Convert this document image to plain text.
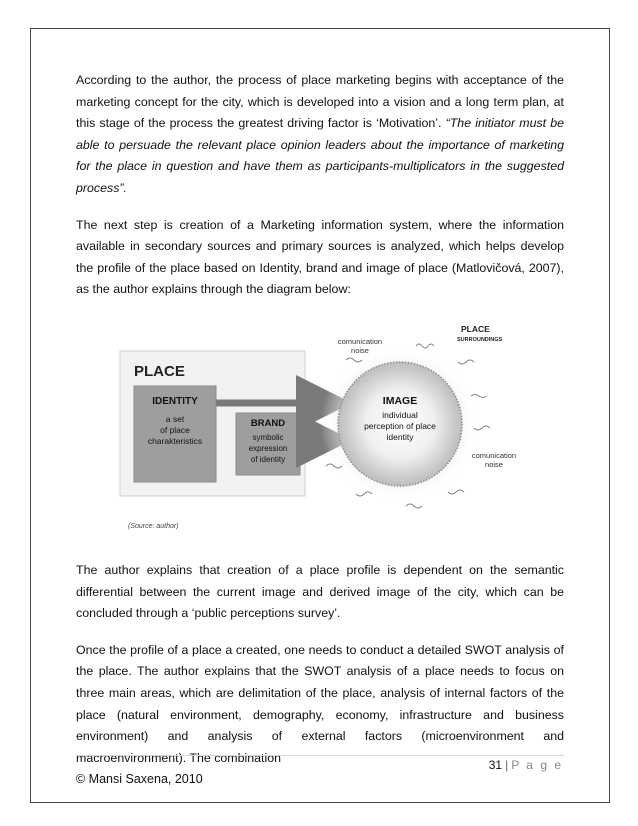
According to the author, the process of place marketing begins with acceptance of the marketing concept for the city, which is developed into a vision and a long term plan, at this stage of the process the greatest driving factor is ‘Motivation’. “The initiator must be able to persuade the relevant place opinion leaders about the importance of marketing for the place in question and have them as participants-multiplicators in the suggested process”.

The next step is creation of a Marketing information system, where the information available in secondary sources and primary sources is analyzed, which helps develop the profile of the place based on Identity, brand and image of place (Matlovičová, 2007), as the author explains through the diagram below:

PLACE
IDENTITY
a set
of place
charakteristics
BRAND
symbolic
expression
of identity
IMAGE
individual
perception of place
identity
PLACE
SURROUNDINGS
comunication
noise
comunication
noise
(Source: author)

The author explains that creation of a place profile is dependent on the semantic differential between the current image and derived image of the city, which can be concluded through a ‘public perceptions survey’.

Once the profile of a place a created, one needs to conduct a detailed SWOT analysis of the place. The author explains that the SWOT analysis of a place needs to focus on three main areas, which are delimitation of the place, analysis of internal factors of the place (natural environment, demography, economy, infrastructure and business environment) and analysis of external factors (microenvironment and macroenvironment). The combination

31 | P a g e
© Mansi Saxena, 2010
